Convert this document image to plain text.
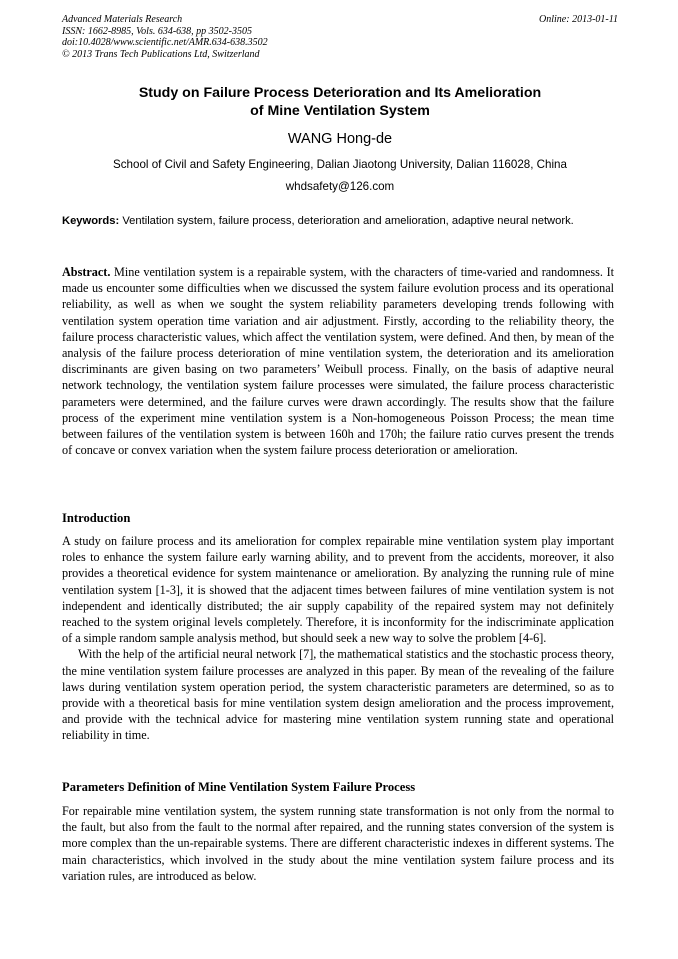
Advanced Materials Research
ISSN: 1662-8985, Vols. 634-638, pp 3502-3505
doi:10.4028/www.scientific.net/AMR.634-638.3502
© 2013 Trans Tech Publications Ltd, Switzerland
Online: 2013-01-11
Study on Failure Process Deterioration and Its Amelioration
of Mine Ventilation System
WANG Hong-de
School of Civil and Safety Engineering, Dalian Jiaotong University, Dalian 116028, China
whdsafety@126.com
Keywords: Ventilation system, failure process, deterioration and amelioration, adaptive neural network.
Abstract. Mine ventilation system is a repairable system, with the characters of time-varied and randomness. It made us encounter some difficulties when we discussed the system failure evolution process and its operational reliability, as well as when we sought the system reliability parameters developing trends following with ventilation system operation time variation and air adjustment. Firstly, according to the reliability theory, the failure process characteristic values, which affect the ventilation system, were defined. And then, by mean of the analysis of the failure process deterioration of mine ventilation system, the deterioration and its amelioration discriminants are given basing on two parameters’ Weibull process. Finally, on the basis of adaptive neural network technology, the ventilation system failure processes were simulated, the failure process characteristic parameters were determined, and the failure curves were drawn accordingly. The results show that the failure process of the experiment mine ventilation system is a Non-homogeneous Poisson Process; the mean time between failures of the ventilation system is between 160h and 170h; the failure ratio curves present the trends of concave or convex variation when the system failure process deterioration or amelioration.
Introduction

A study on failure process and its amelioration for complex repairable mine ventilation system play important roles to enhance the system failure early warning ability, and to prevent from the accidents, moreover, it also provides a theoretical evidence for system maintenance or amelioration. By analyzing the running rule of mine ventilation system [1-3], it is showed that the adjacent times between failures of mine ventilation system is not independent and identically distributed; the air supply capability of the repaired system may not definitely reached to the system original levels completely. Therefore, it is inconformity for the indiscriminate application of a simple random sample analysis method, but should seek a new way to solve the problem [4-6].

With the help of the artificial neural network [7], the mathematical statistics and the stochastic process theory, the mine ventilation system failure processes are analyzed in this paper. By mean of the revealing of the failure laws during ventilation system operation period, the system characteristic parameters are determined, so as to provide with a theoretical basis for mine ventilation system design amelioration and the process improvement, and provide with the technical advice for mastering mine ventilation system running state and operational reliability in time.

Parameters Definition of Mine Ventilation System Failure Process

For repairable mine ventilation system, the system running state transformation is not only from the normal to the fault, but also from the fault to the normal after repaired, and the running states conversion of the system is more complex than the un-repairable systems. There are different characteristic indexes in different systems. The main characteristics, which involved in the study about the mine ventilation system failure process and its variation rules, are introduced as below.
